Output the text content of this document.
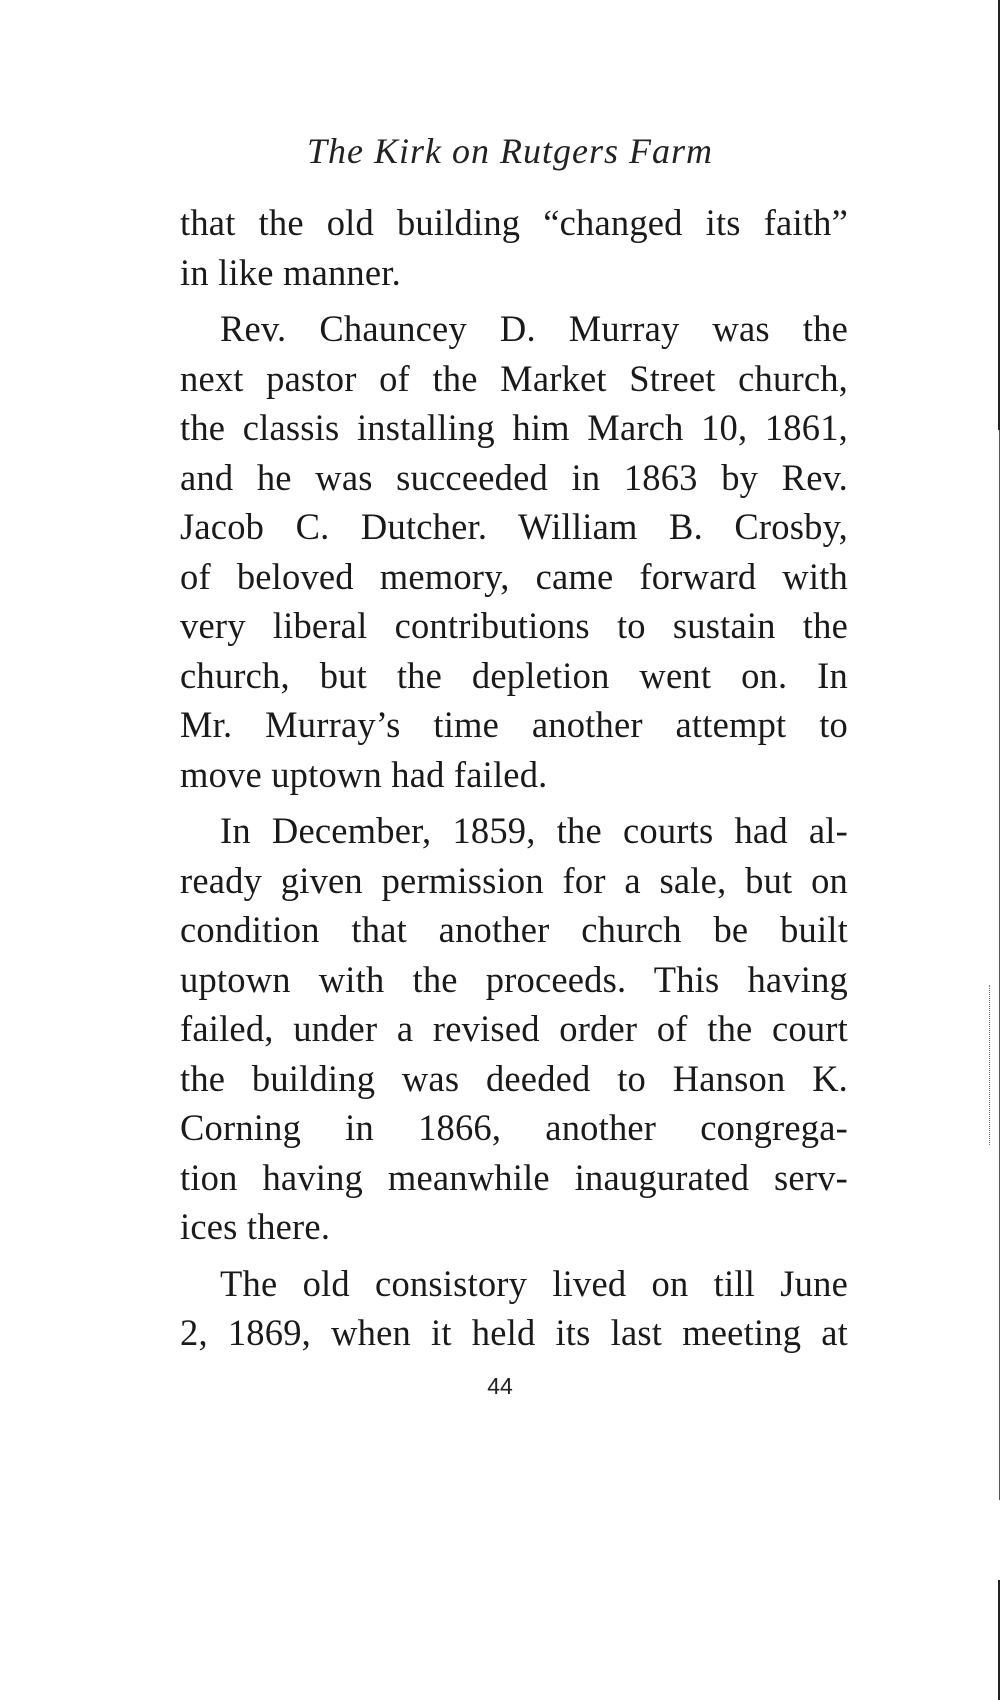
The Kirk on Rutgers Farm
that the old building “changed its faith”
in like manner.
Rev. Chauncey D. Murray was the
next pastor of the Market Street church,
the classis installing him March 10, 1861,
and he was succeeded in 1863 by Rev.
Jacob C. Dutcher. William B. Crosby,
of beloved memory, came forward with
very liberal contributions to sustain the
church, but the depletion went on. In
Mr. Murray’s time another attempt to
move uptown had failed.
In December, 1859, the courts had al-
ready given permission for a sale, but on
condition that another church be built
uptown with the proceeds. This having
failed, under a revised order of the court
the building was deeded to Hanson K.
Corning in 1866, another congrega-
tion having meanwhile inaugurated serv-
ices there.
The old consistory lived on till June
2, 1869, when it held its last meeting at
44
